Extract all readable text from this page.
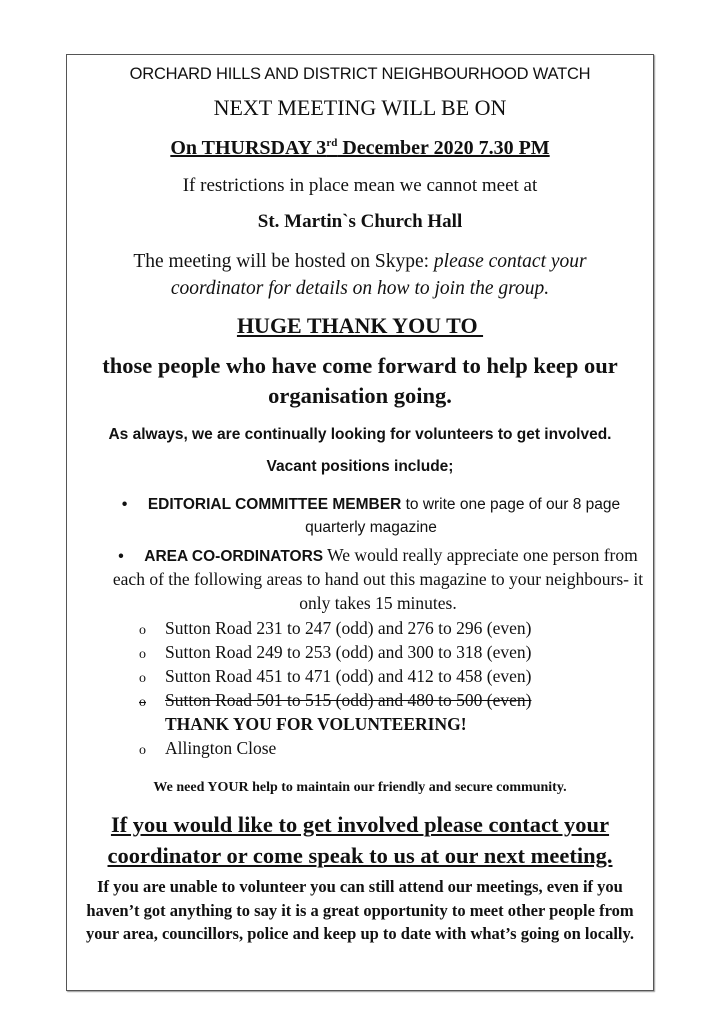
ORCHARD HILLS AND DISTRICT NEIGHBOURHOOD WATCH
NEXT MEETING WILL BE ON
On THURSDAY 3rd December 2020 7.30 PM
If restrictions in place mean we cannot meet at
St. Martin`s Church Hall
The meeting will be hosted on Skype: please contact your coordinator for details on how to join the group.
HUGE THANK YOU TO
those people who have come forward to help keep our organisation going.
As always, we are continually looking for volunteers to get involved.
Vacant positions include;
• EDITORIAL COMMITTEE MEMBER to write one page of our 8 page quarterly magazine
• AREA CO-ORDINATORS We would really appreciate one person from each of the following areas to hand out this magazine to your neighbours- it only takes 15 minutes.
o Sutton Road 231 to 247 (odd) and 276 to 296 (even)
o Sutton Road 249 to 253 (odd) and 300 to 318 (even)
o Sutton Road 451 to 471 (odd) and 412 to 458 (even)
o Sutton Road 501 to 515 (odd) and 480 to 500 (even)
THANK YOU FOR VOLUNTEERING!
o Allington Close
We need YOUR help to maintain our friendly and secure community.
If you would like to get involved please contact your coordinator or come speak to us at our next meeting.
If you are unable to volunteer you can still attend our meetings, even if you haven’t got anything to say it is a great opportunity to meet other people from your area, councillors, police and keep up to date with what’s going on locally.
